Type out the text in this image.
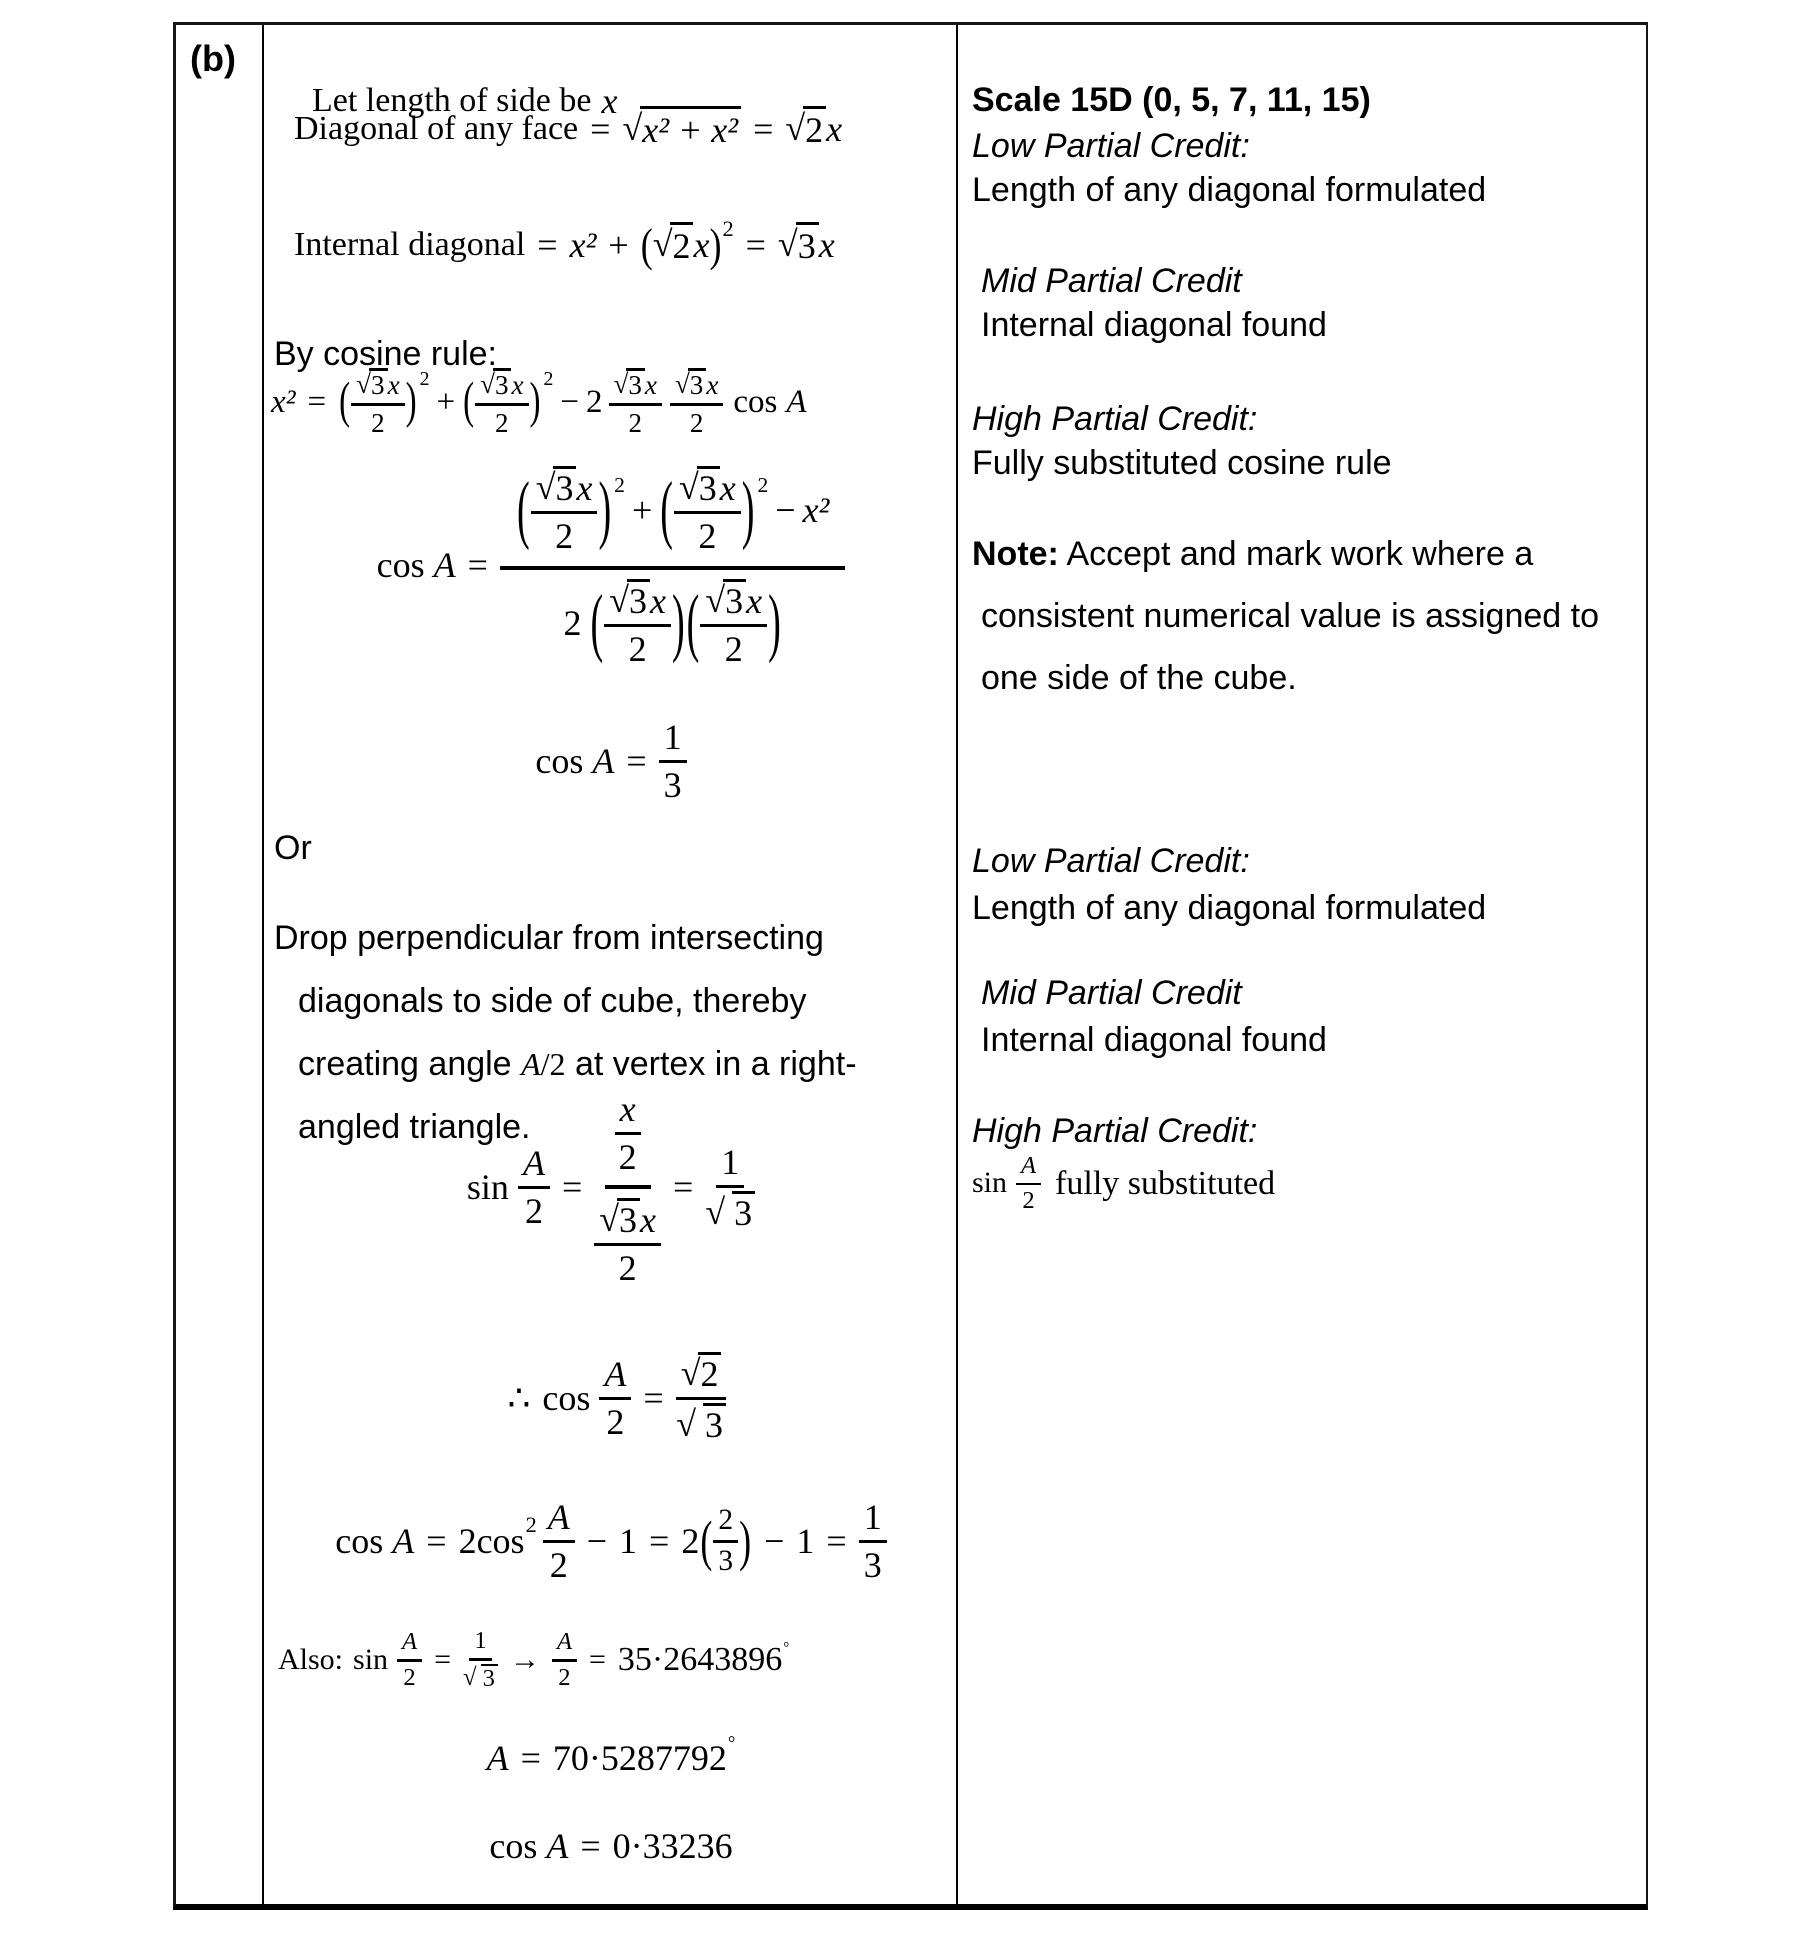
(b)
Let length of side be x
Diagonal of any face = √ x² + x² = √ 2 x
Internal diagonal = x² + ( √ 2 x ) 2 = √ 3 x
By cosine rule:
x² = ( $\frac{√ 3 x}{2} )^2$
+ ( $\frac{√ 3 x}{2} )^2$
− $2 \frac{√ 3 x}{2} \frac{√ 3 x}{2}$ cos A
cos A =
( $\frac{√ 3 x}{2} )^2$
+ ( $\frac{√ 3 x}{2} )^2$
− x²
2 ( $\frac{√ 3 x}{2}$ ) ( $\frac{√ 3 x}{2}$ )
$\cos A = \frac{1}{3}$
Or
Drop perpendicular from intersecting
diagonals to side of cube, thereby
creating angle A/2 at vertex in a right-
angled triangle.
$\sin \frac{A}{2}$ =
$\frac{x}{2}$
$\frac{√ 3 x}{2}$
= $\frac{1}{√ 3}$
∴ $\cos \frac{A}{2} = \frac{√ 2}{√ 3}$
cos A = 2 $\cos^2 \frac{A}{2} - 1 = 2$ ( $\frac{2}{3}$ ) − $1 = \frac{1}{3}$
Also: $\sin \frac{A}{2} = \frac{1}{√ 3} \to \frac{A}{2} = 35\cdot 2643896^\circ$
A = 70·5287792°
cos A = 0·33236
Scale 15D (0, 5, 7, 11, 15)
Low Partial Credit:
Length of any diagonal formulated
Mid Partial Credit
Internal diagonal found
High Partial Credit:
Fully substituted cosine rule
Note: Accept and mark work where a
consistent numerical value is assigned to
one side of the cube.
Low Partial Credit:
Length of any diagonal formulated
Mid Partial Credit
Internal diagonal found
High Partial Credit:
$\sin \frac{A}{2}$ fully substituted
